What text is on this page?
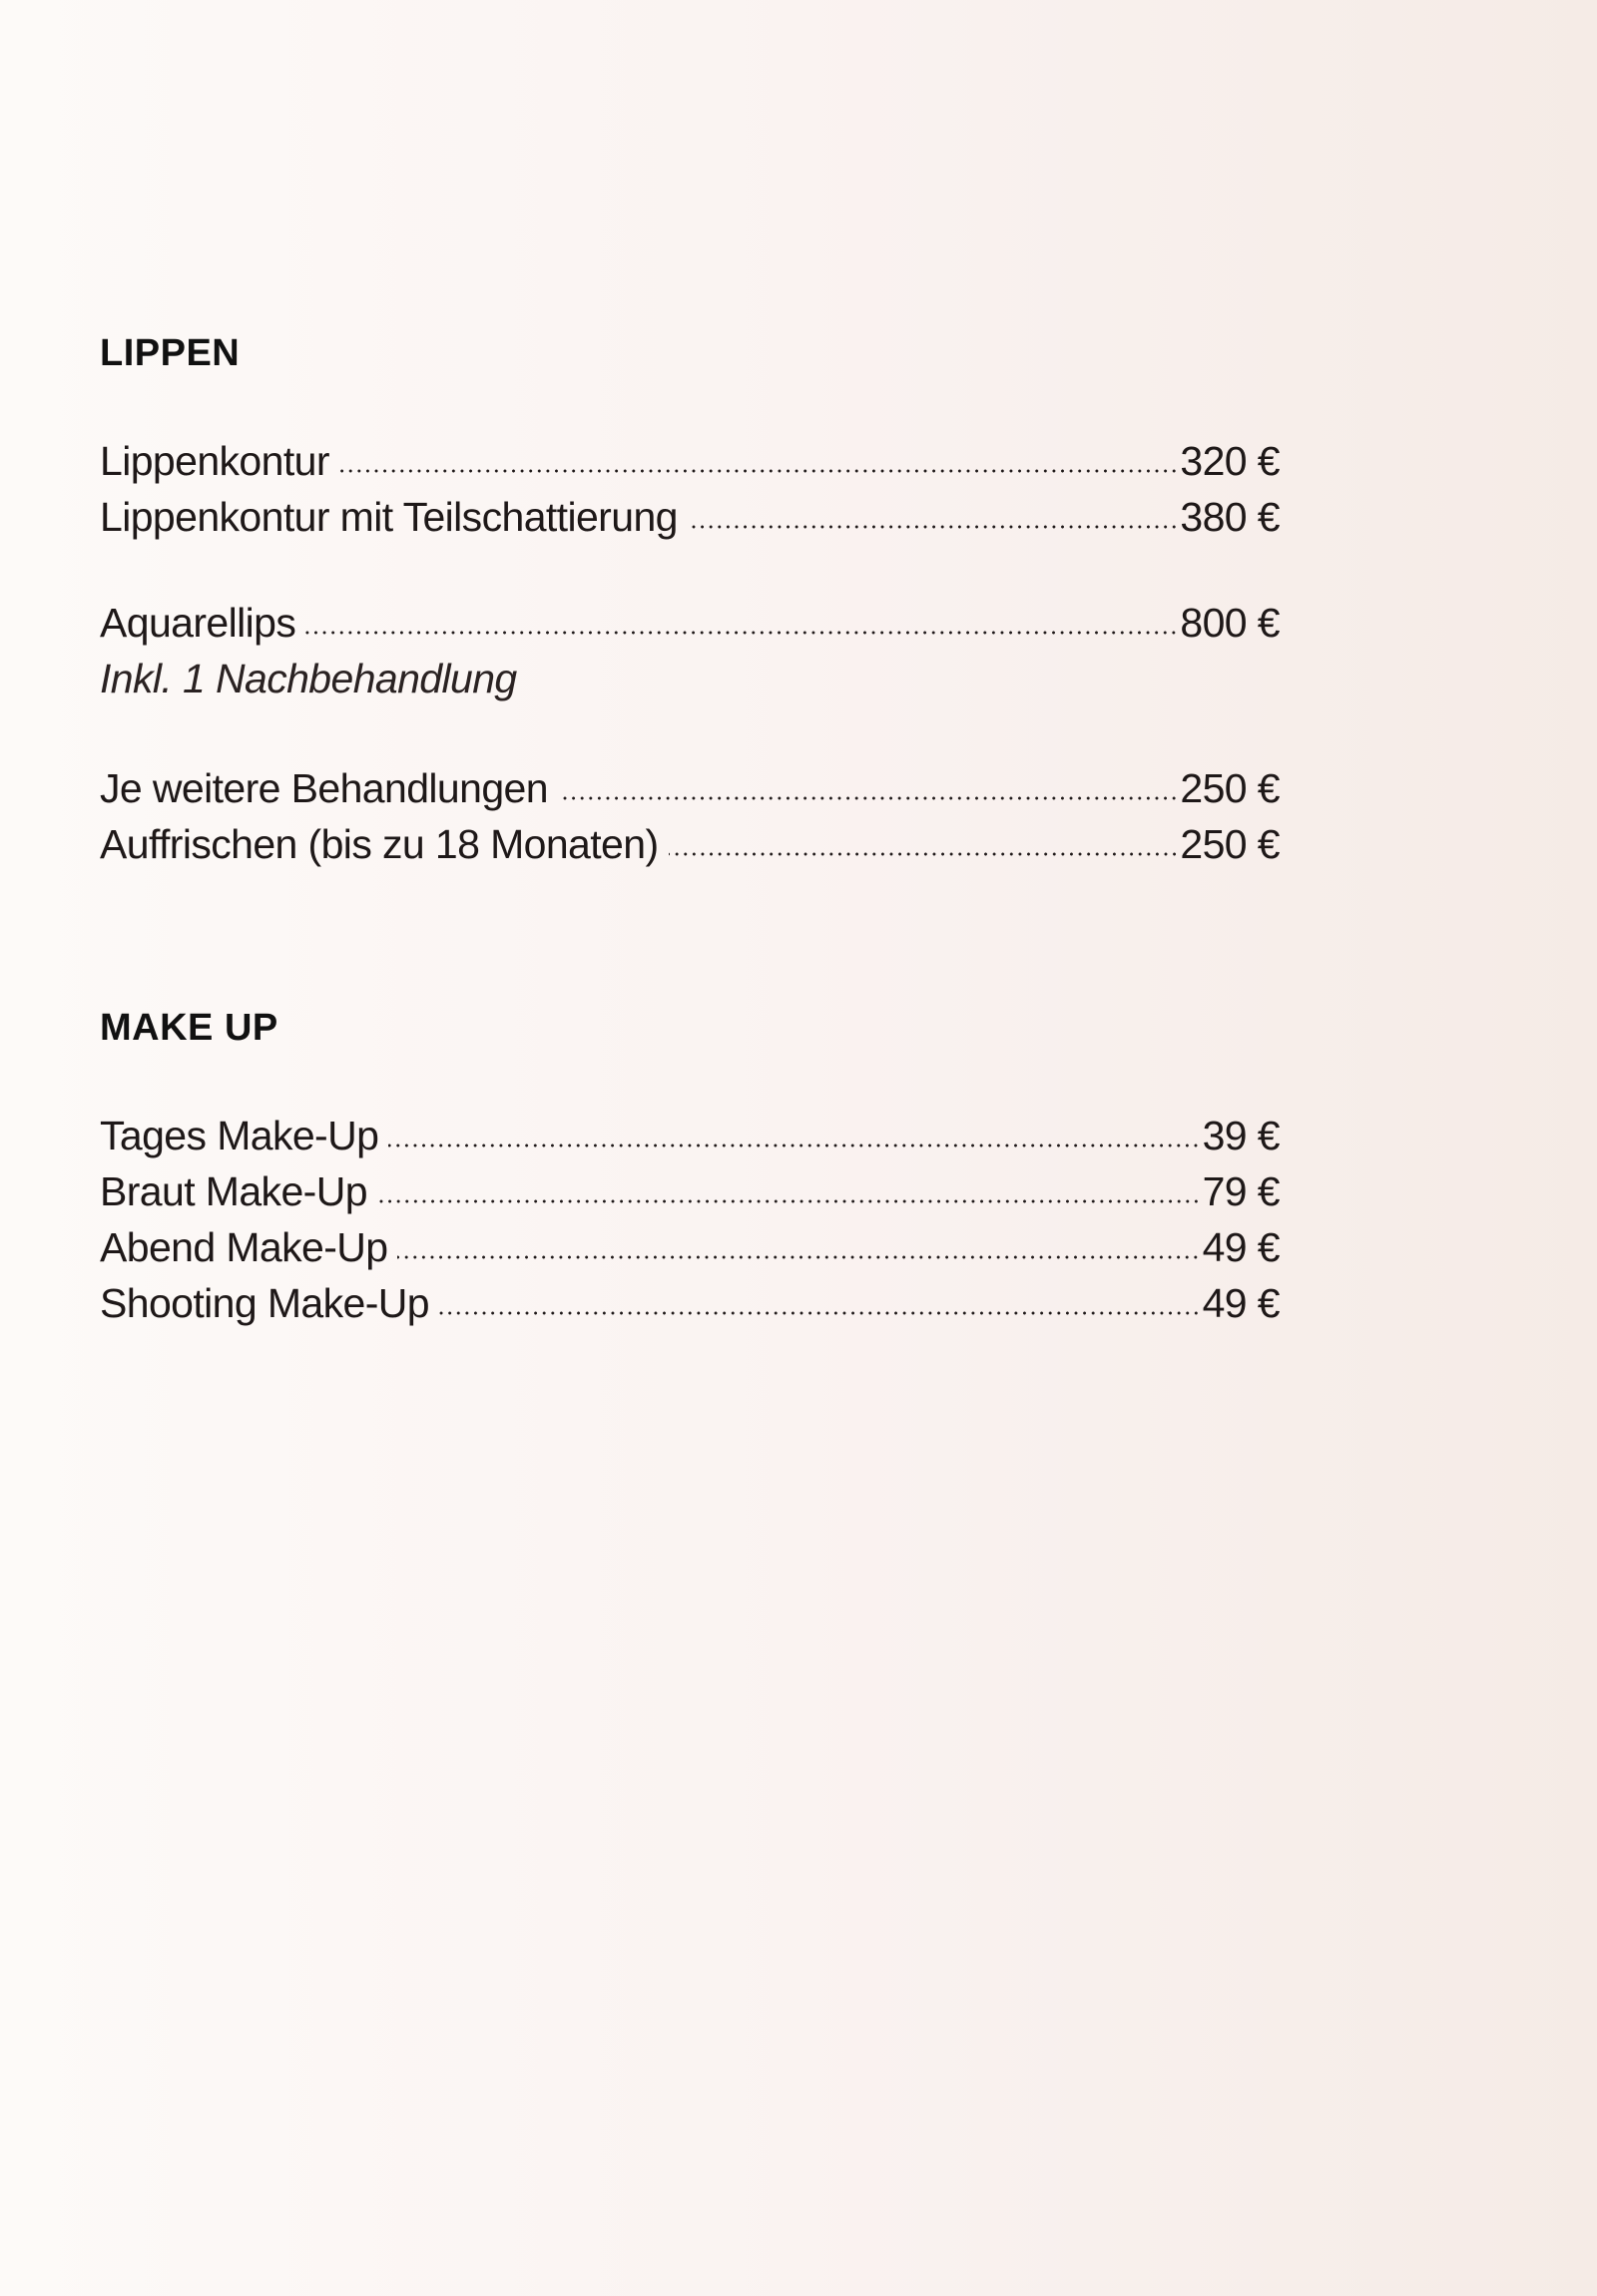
LIPPEN
Lippenkontur	320 €
Lippenkontur mit Teilschattierung	380 €
Aquarellips	800 €
Inkl. 1 Nachbehandlung
Je weitere Behandlungen	250 €
Auffrischen (bis zu 18 Monaten)	250 €
MAKE UP
Tages Make-Up	39 €
Braut Make-Up	79 €
Abend Make-Up	49 €
Shooting Make-Up	49 €
